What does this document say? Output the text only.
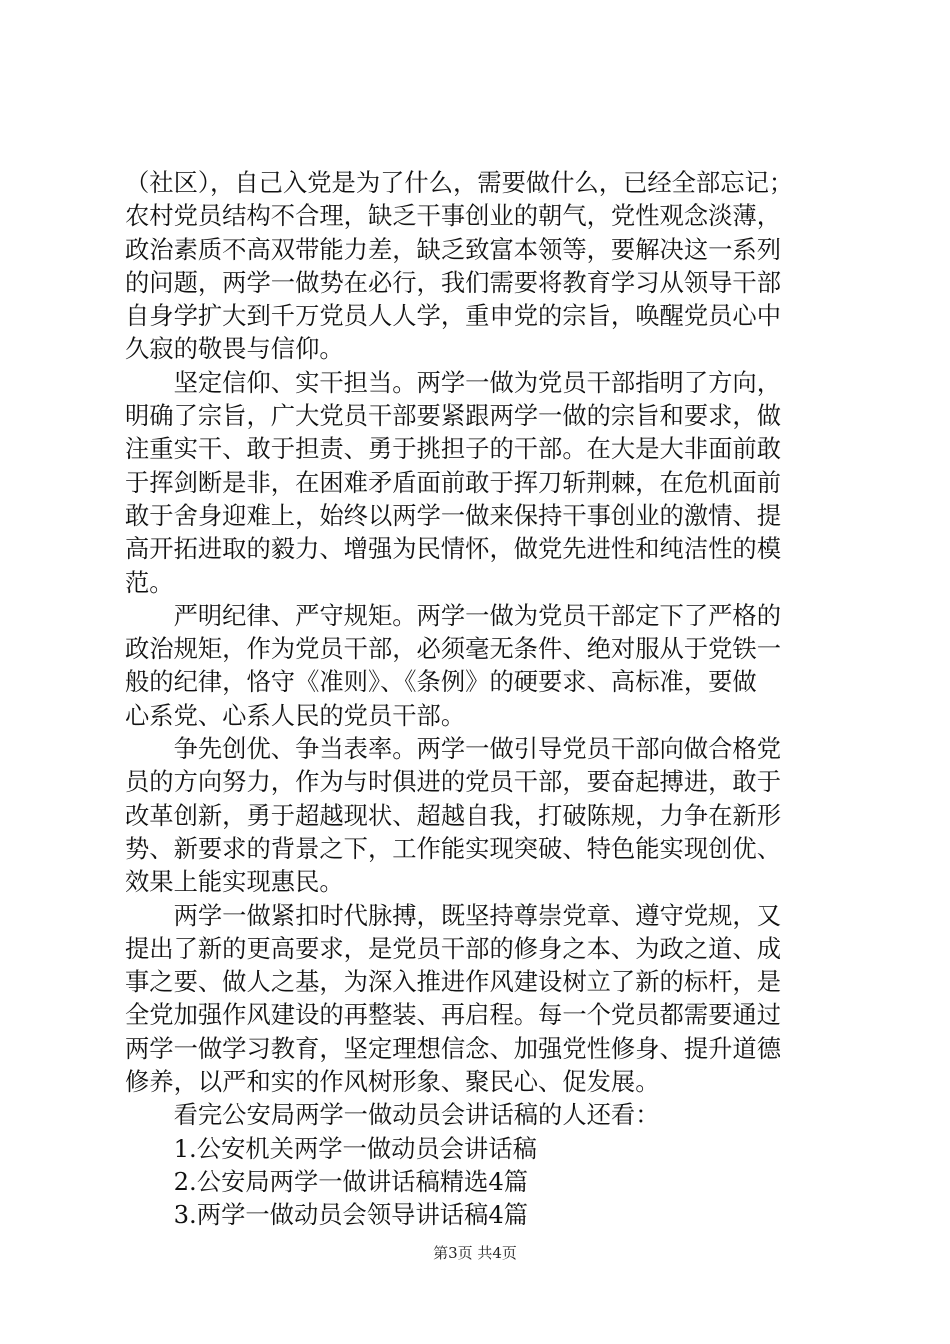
（社区），自己入党是为了什么，需要做什么，已经全部忘记；
农村党员结构不合理，缺乏干事创业的朝气，党性观念淡薄，
政治素质不高双带能力差，缺乏致富本领等，要解决这一系列
的问题，两学一做势在必行，我们需要将教育学习从领导干部
自身学扩大到千万党员人人学，重申党的宗旨，唤醒党员心中
久寂的敬畏与信仰。
　　坚定信仰、实干担当。两学一做为党员干部指明了方向，
明确了宗旨，广大党员干部要紧跟两学一做的宗旨和要求，做
注重实干、敢于担责、勇于挑担子的干部。在大是大非面前敢
于挥剑断是非，在困难矛盾面前敢于挥刀斩荆棘，在危机面前
敢于舍身迎难上，始终以两学一做来保持干事创业的激情、提
高开拓进取的毅力、增强为民情怀，做党先进性和纯洁性的模
范。
　　严明纪律、严守规矩。两学一做为党员干部定下了严格的
政治规矩，作为党员干部，必须毫无条件、绝对服从于党铁一
般的纪律，恪守《准则》、《条例》的硬要求、高标准，要做
心系党、心系人民的党员干部。
　　争先创优、争当表率。两学一做引导党员干部向做合格党
员的方向努力，作为与时俱进的党员干部，要奋起搏进，敢于
改革创新，勇于超越现状、超越自我，打破陈规，力争在新形
势、新要求的背景之下，工作能实现突破、特色能实现创优、
效果上能实现惠民。
　　两学一做紧扣时代脉搏，既坚持尊崇党章、遵守党规，又
提出了新的更高要求，是党员干部的修身之本、为政之道、成
事之要、做人之基，为深入推进作风建设树立了新的标杆，是
全党加强作风建设的再整装、再启程。每一个党员都需要通过
两学一做学习教育，坚定理想信念、加强党性修身、提升道德
修养，以严和实的作风树形象、聚民心、促发展。
　　看完公安局两学一做动员会讲话稿的人还看：
　　1.公安机关两学一做动员会讲话稿
　　2.公安局两学一做讲话稿精选4篇
　　3.两学一做动员会领导讲话稿4篇
第3页 共4页
